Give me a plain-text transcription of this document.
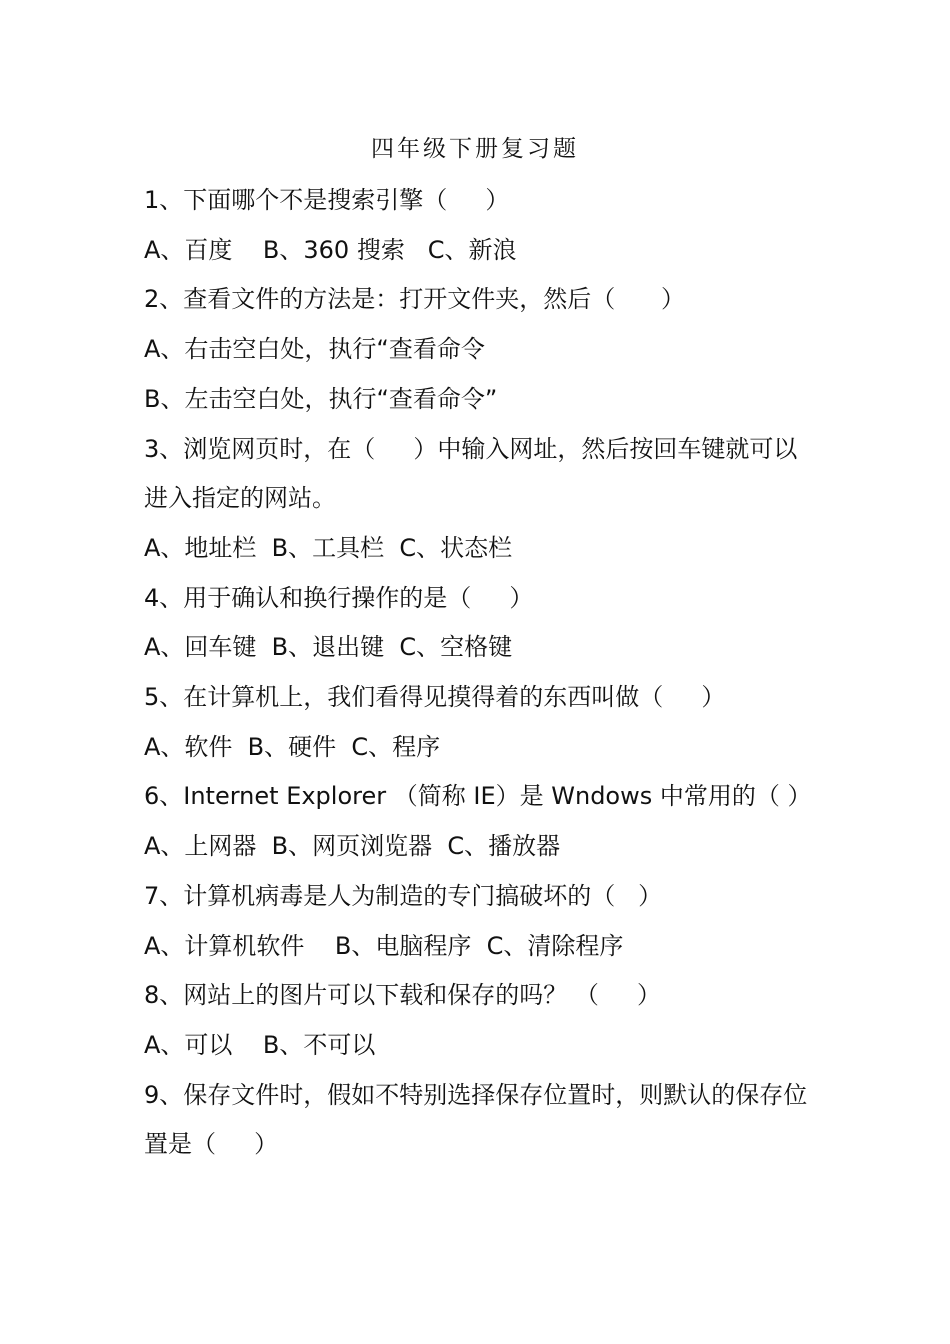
四年级下册复习题

1、下面哪个不是搜索引擎（     ）

A、百度    B、360 搜索   C、新浪

2、查看文件的方法是：打开文件夹，然后（      ）

A、右击空白处，执行“查看命令

B、左击空白处，执行“查看命令”

3、浏览网页时，在（     ）中输入网址，然后按回车键就可以进入指定的网站。

A、地址栏  B、工具栏  C、状态栏

4、用于确认和换行操作的是（     ）

A、回车键  B、退出键  C、空格键

5、在计算机上，我们看得见摸得着的东西叫做（     ）

A、软件  B、硬件  C、程序

6、Internet Explorer （简称 IE）是 Wndows 中常用的（ ）

A、上网器  B、网页浏览器  C、播放器

7、计算机病毒是人为制造的专门搞破坏的（   ）

A、计算机软件    B、电脑程序  C、清除程序

8、网站上的图片可以下载和保存的吗？ （     ）

A、可以    B、不可以

9、保存文件时，假如不特别选择保存位置时，则默认的保存位置是（     ）
